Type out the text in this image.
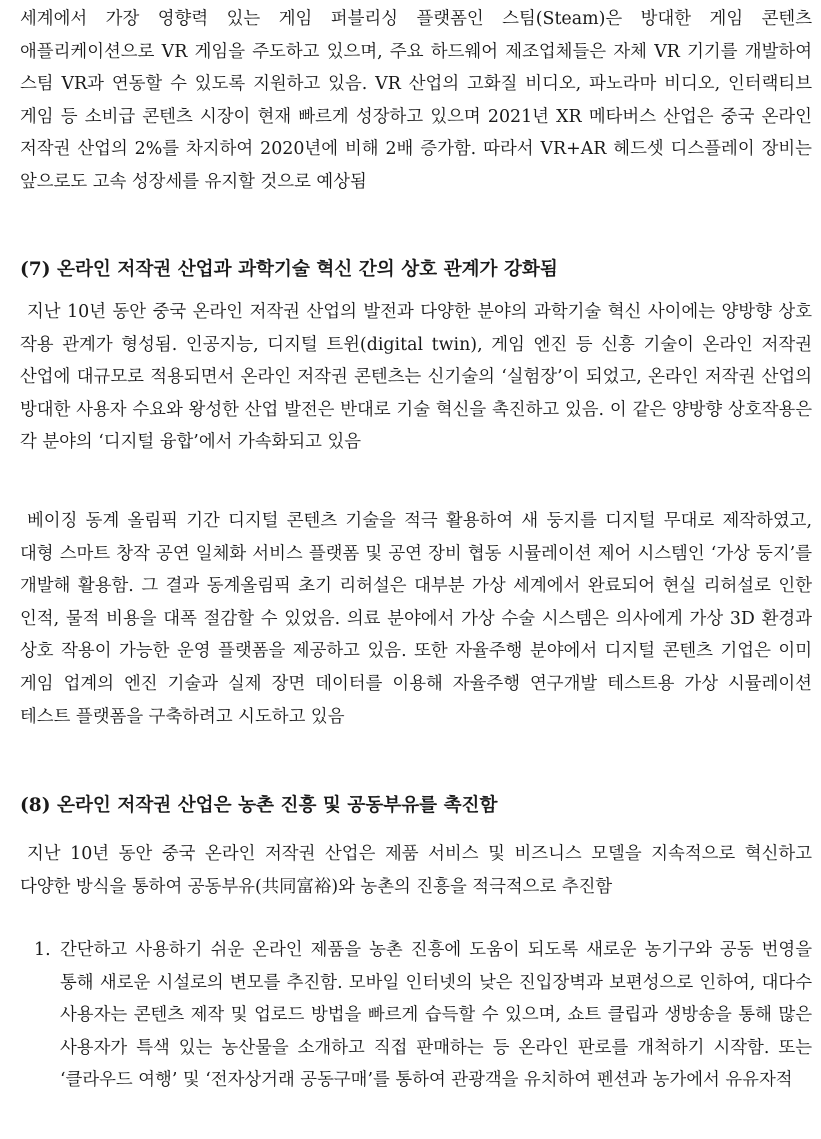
세계에서 가장 영향력 있는 게임 퍼블리싱 플랫폼인 스팀(Steam)은 방대한 게임 콘텐츠 애플리케이션으로 VR 게임을 주도하고 있으며, 주요 하드웨어 제조업체들은 자체 VR 기기를 개발하여 스팀 VR과 연동할 수 있도록 지원하고 있음. VR 산업의 고화질 비디오, 파노라마 비디오, 인터랙티브 게임 등 소비급 콘텐츠 시장이 현재 빠르게 성장하고 있으며 2021년 XR 메타버스 산업은 중국 온라인 저작권 산업의 2%를 차지하여 2020년에 비해 2배 증가함. 따라서 VR+AR 헤드셋 디스플레이 장비는 앞으로도 고속 성장세를 유지할 것으로 예상됨

(7) 온라인 저작권 산업과 과학기술 혁신 간의 상호 관계가 강화됨

지난 10년 동안 중국 온라인 저작권 산업의 발전과 다양한 분야의 과학기술 혁신 사이에는 양방향 상호 작용 관계가 형성됨. 인공지능, 디지털 트윈(digital twin), 게임 엔진 등 신흥 기술이 온라인 저작권 산업에 대규모로 적용되면서 온라인 저작권 콘텐츠는 신기술의 ‘실험장’이 되었고, 온라인 저작권 산업의 방대한 사용자 수요와 왕성한 산업 발전은 반대로 기술 혁신을 촉진하고 있음. 이 같은 양방향 상호작용은 각 분야의 ‘디지털 융합’에서 가속화되고 있음

베이징 동계 올림픽 기간 디지털 콘텐츠 기술을 적극 활용하여 새 둥지를 디지털 무대로 제작하였고, 대형 스마트 창작 공연 일체화 서비스 플랫폼 및 공연 장비 협동 시뮬레이션 제어 시스템인 ‘가상 둥지’를 개발해 활용함. 그 결과 동계올림픽 초기 리허설은 대부분 가상 세계에서 완료되어 현실 리허설로 인한 인적, 물적 비용을 대폭 절감할 수 있었음. 의료 분야에서 가상 수술 시스템은 의사에게 가상 3D 환경과 상호 작용이 가능한 운영 플랫폼을 제공하고 있음. 또한 자율주행 분야에서 디지털 콘텐츠 기업은 이미 게임 업계의 엔진 기술과 실제 장면 데이터를 이용해 자율주행 연구개발 테스트용 가상 시뮬레이션 테스트 플랫폼을 구축하려고 시도하고 있음

(8) 온라인 저작권 산업은 농촌 진흥 및 공동부유를 촉진함

지난 10년 동안 중국 온라인 저작권 산업은 제품 서비스 및 비즈니스 모델을 지속적으로 혁신하고 다양한 방식을 통하여 공동부유(共同富裕)와 농촌의 진흥을 적극적으로 추진함

1. 간단하고 사용하기 쉬운 온라인 제품을 농촌 진흥에 도움이 되도록 새로운 농기구와 공동 번영을 통해 새로운 시설로의 변모를 추진함. 모바일 인터넷의 낮은 진입장벽과 보편성으로 인하여, 대다수 사용자는 콘텐츠 제작 및 업로드 방법을 빠르게 습득할 수 있으며, 쇼트 클립과 생방송을 통해 많은 사용자가 특색 있는 농산물을 소개하고 직접 판매하는 등 온라인 판로를 개척하기 시작함. 또는 ‘클라우드 여행’ 및 ‘전자상거래 공동구매’를 통하여 관광객을 유치하여 펜션과 농가에서 유유자적
